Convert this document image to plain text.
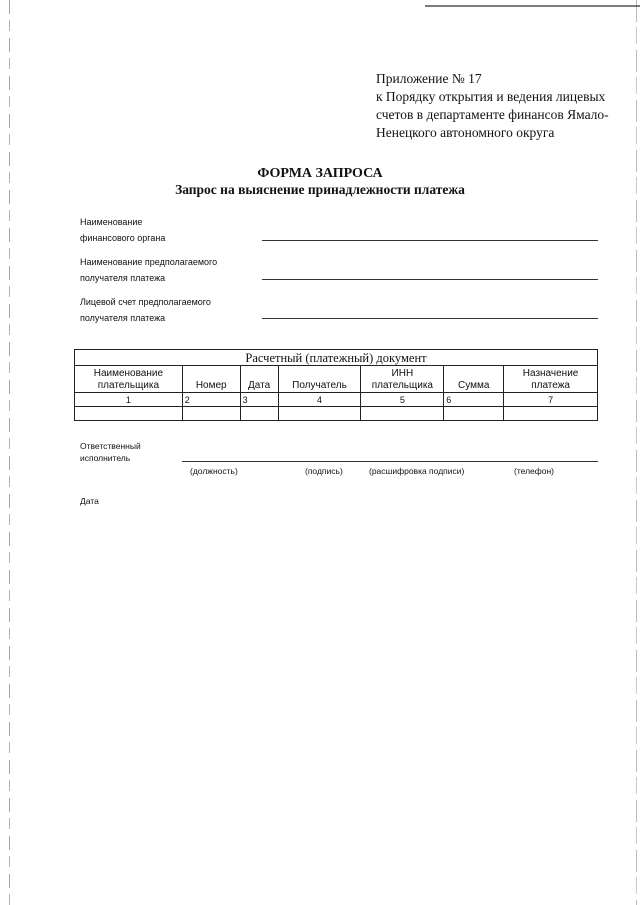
Приложение № 17
к Порядку открытия и ведения лицевых
счетов в департаменте финансов Ямало-
Ненецкого автономного округа
ФОРМА ЗАПРОСА
Запрос на выяснение принадлежности платежа
Наименование
финансового органа
Наименование предполагаемого
получателя платежа
Лицевой счет предполагаемого
получателя платежа
Расчетный (платежный) документ						
Наименование плательщика	Номер	Дата	Получатель	ИНН плательщика	Сумма	Назначение платежа
1	2	3	4	5	6	7

Ответственный
исполнитель
(должность)	(подпись)	(расшифровка подписи)	(телефон)
Дата
